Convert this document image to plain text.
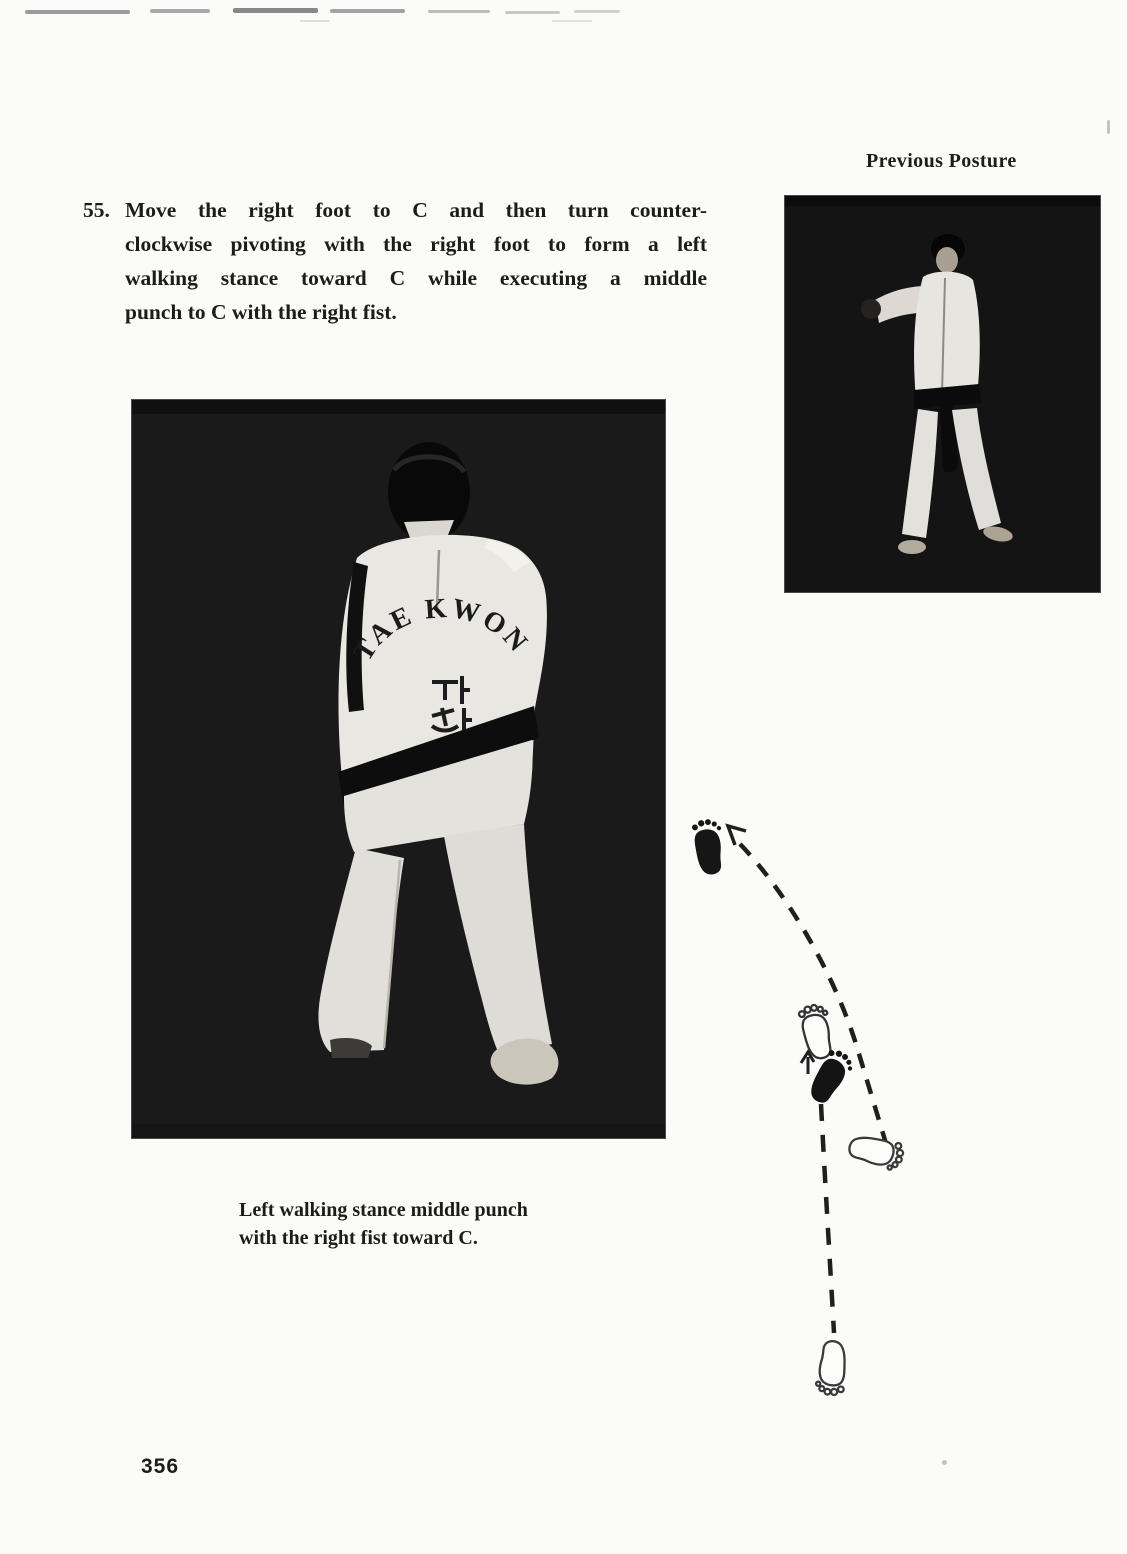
Previous Posture
55. Move the right foot to C and then turn counter-
clockwise pivoting with the right foot to form a left
walking stance toward C while executing a middle
punch to C with the right fist.
TAE KWON
Left walking stance middle punch
with the right fist toward C.
356
